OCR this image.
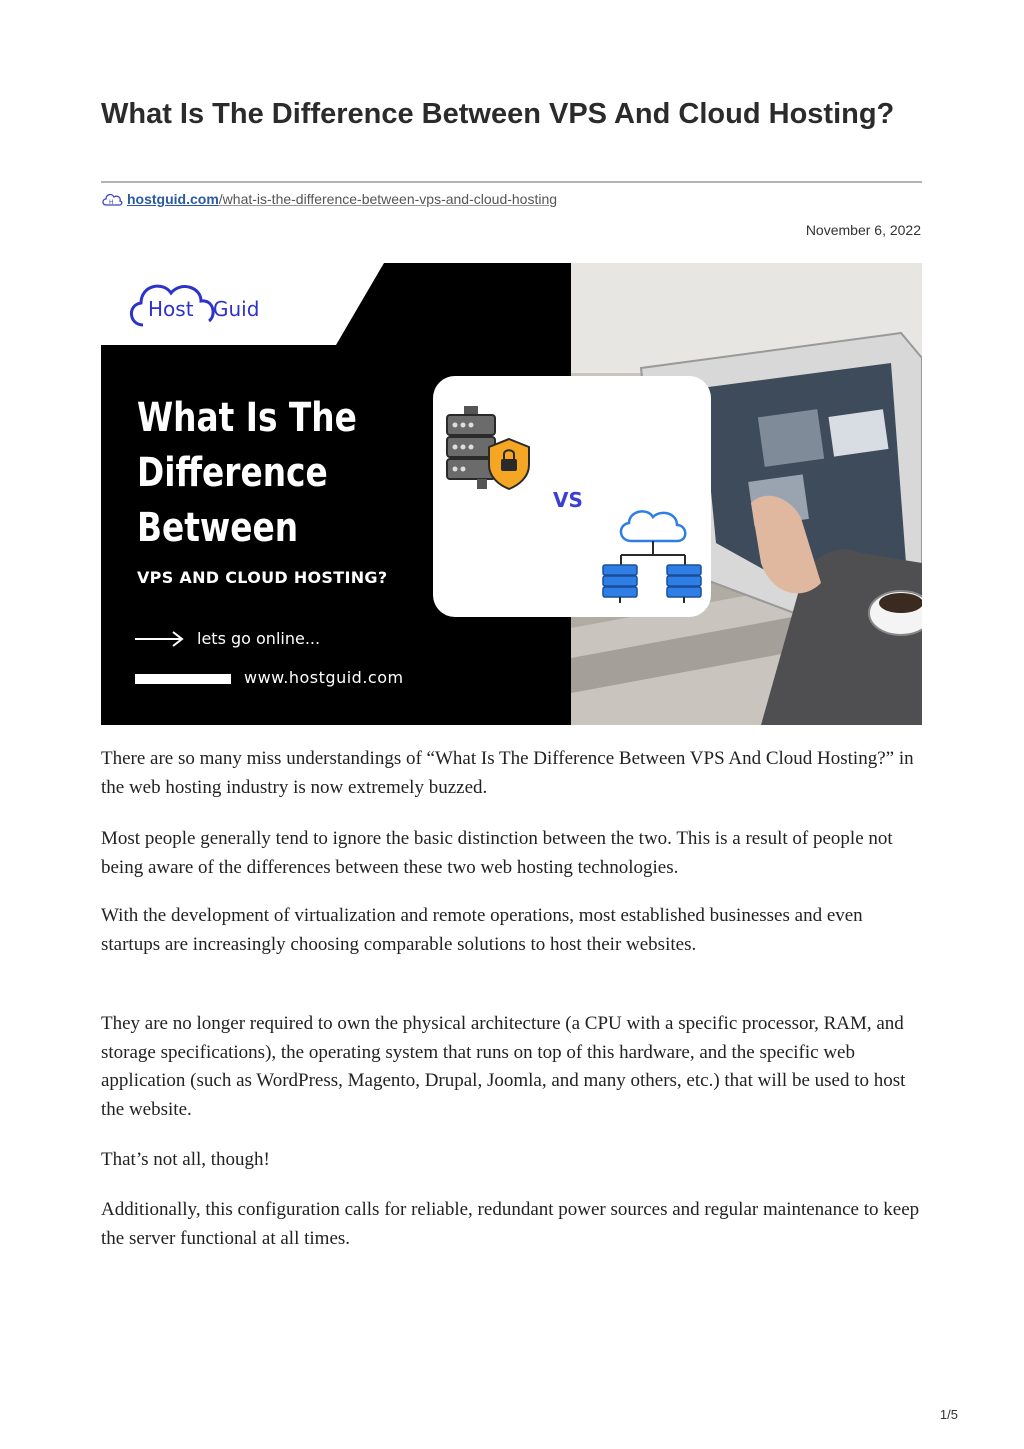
What Is The Difference Between VPS And Cloud Hosting?
H hostguid.com /what-is-the-difference-between-vps-and-cloud-hosting
November 6, 2022
Host Guid
What Is The
Difference
Between
VPS AND CLOUD HOSTING?
lets go online...
www.hostguid.com
VS

There are so many miss understandings of “What Is The Difference Between VPS And Cloud Hosting?” in the web hosting industry is now extremely buzzed.

Most people generally tend to ignore the basic distinction between the two. This is a result of people not being aware of the differences between these two web hosting technologies.

With the development of virtualization and remote operations, most established businesses and even startups are increasingly choosing comparable solutions to host their websites.

They are no longer required to own the physical architecture (a CPU with a specific processor, RAM, and storage specifications), the operating system that runs on top of this hardware, and the specific web application (such as WordPress, Magento, Drupal, Joomla, and many others, etc.) that will be used to host the website.

That’s not all, though!

Additionally, this configuration calls for reliable, redundant power sources and regular maintenance to keep the server functional at all times.

1/5
